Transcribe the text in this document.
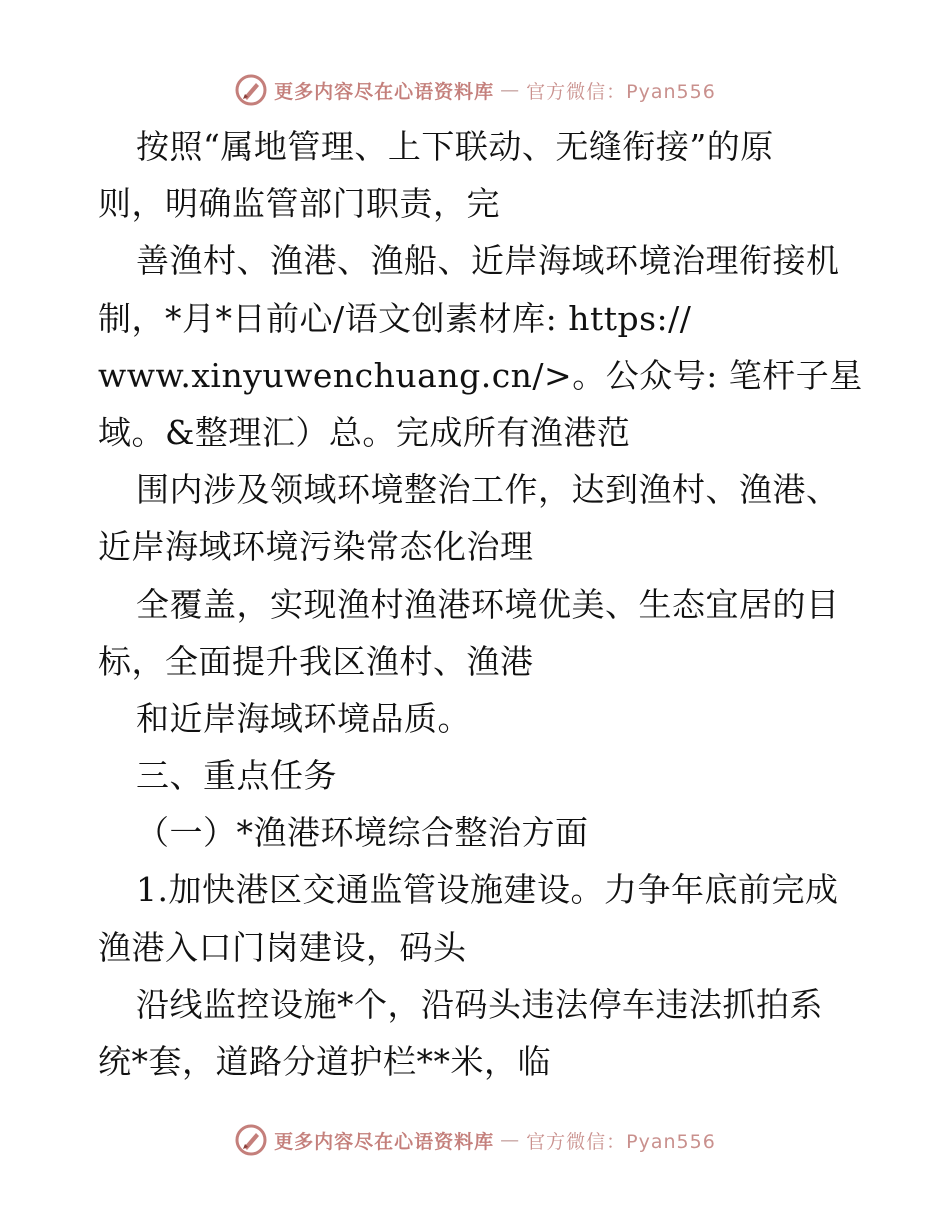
更多内容尽在心语资料库 — 官方微信：Pyan556
按照“属地管理、上下联动、无缝衔接”的原
则，明确监管部门职责，完
善渔村、渔港、渔船、近岸海域环境治理衔接机
制，*月*日前心/语文创素材库: https://
www.xinyuwenchuang.cn/>。公众号: 笔杆子星
域。&整理汇）总。完成所有渔港范
围内涉及领域环境整治工作，达到渔村、渔港、
近岸海域环境污染常态化治理
全覆盖，实现渔村渔港环境优美、生态宜居的目
标，全面提升我区渔村、渔港
和近岸海域环境品质。
三、重点任务
（一）*渔港环境综合整治方面
1.加快港区交通监管设施建设。力争年底前完成
渔港入口门岗建设，码头
沿线监控设施*个，沿码头违法停车违法抓拍系
统*套，道路分道护栏**米，临
更多内容尽在心语资料库 — 官方微信：Pyan556
